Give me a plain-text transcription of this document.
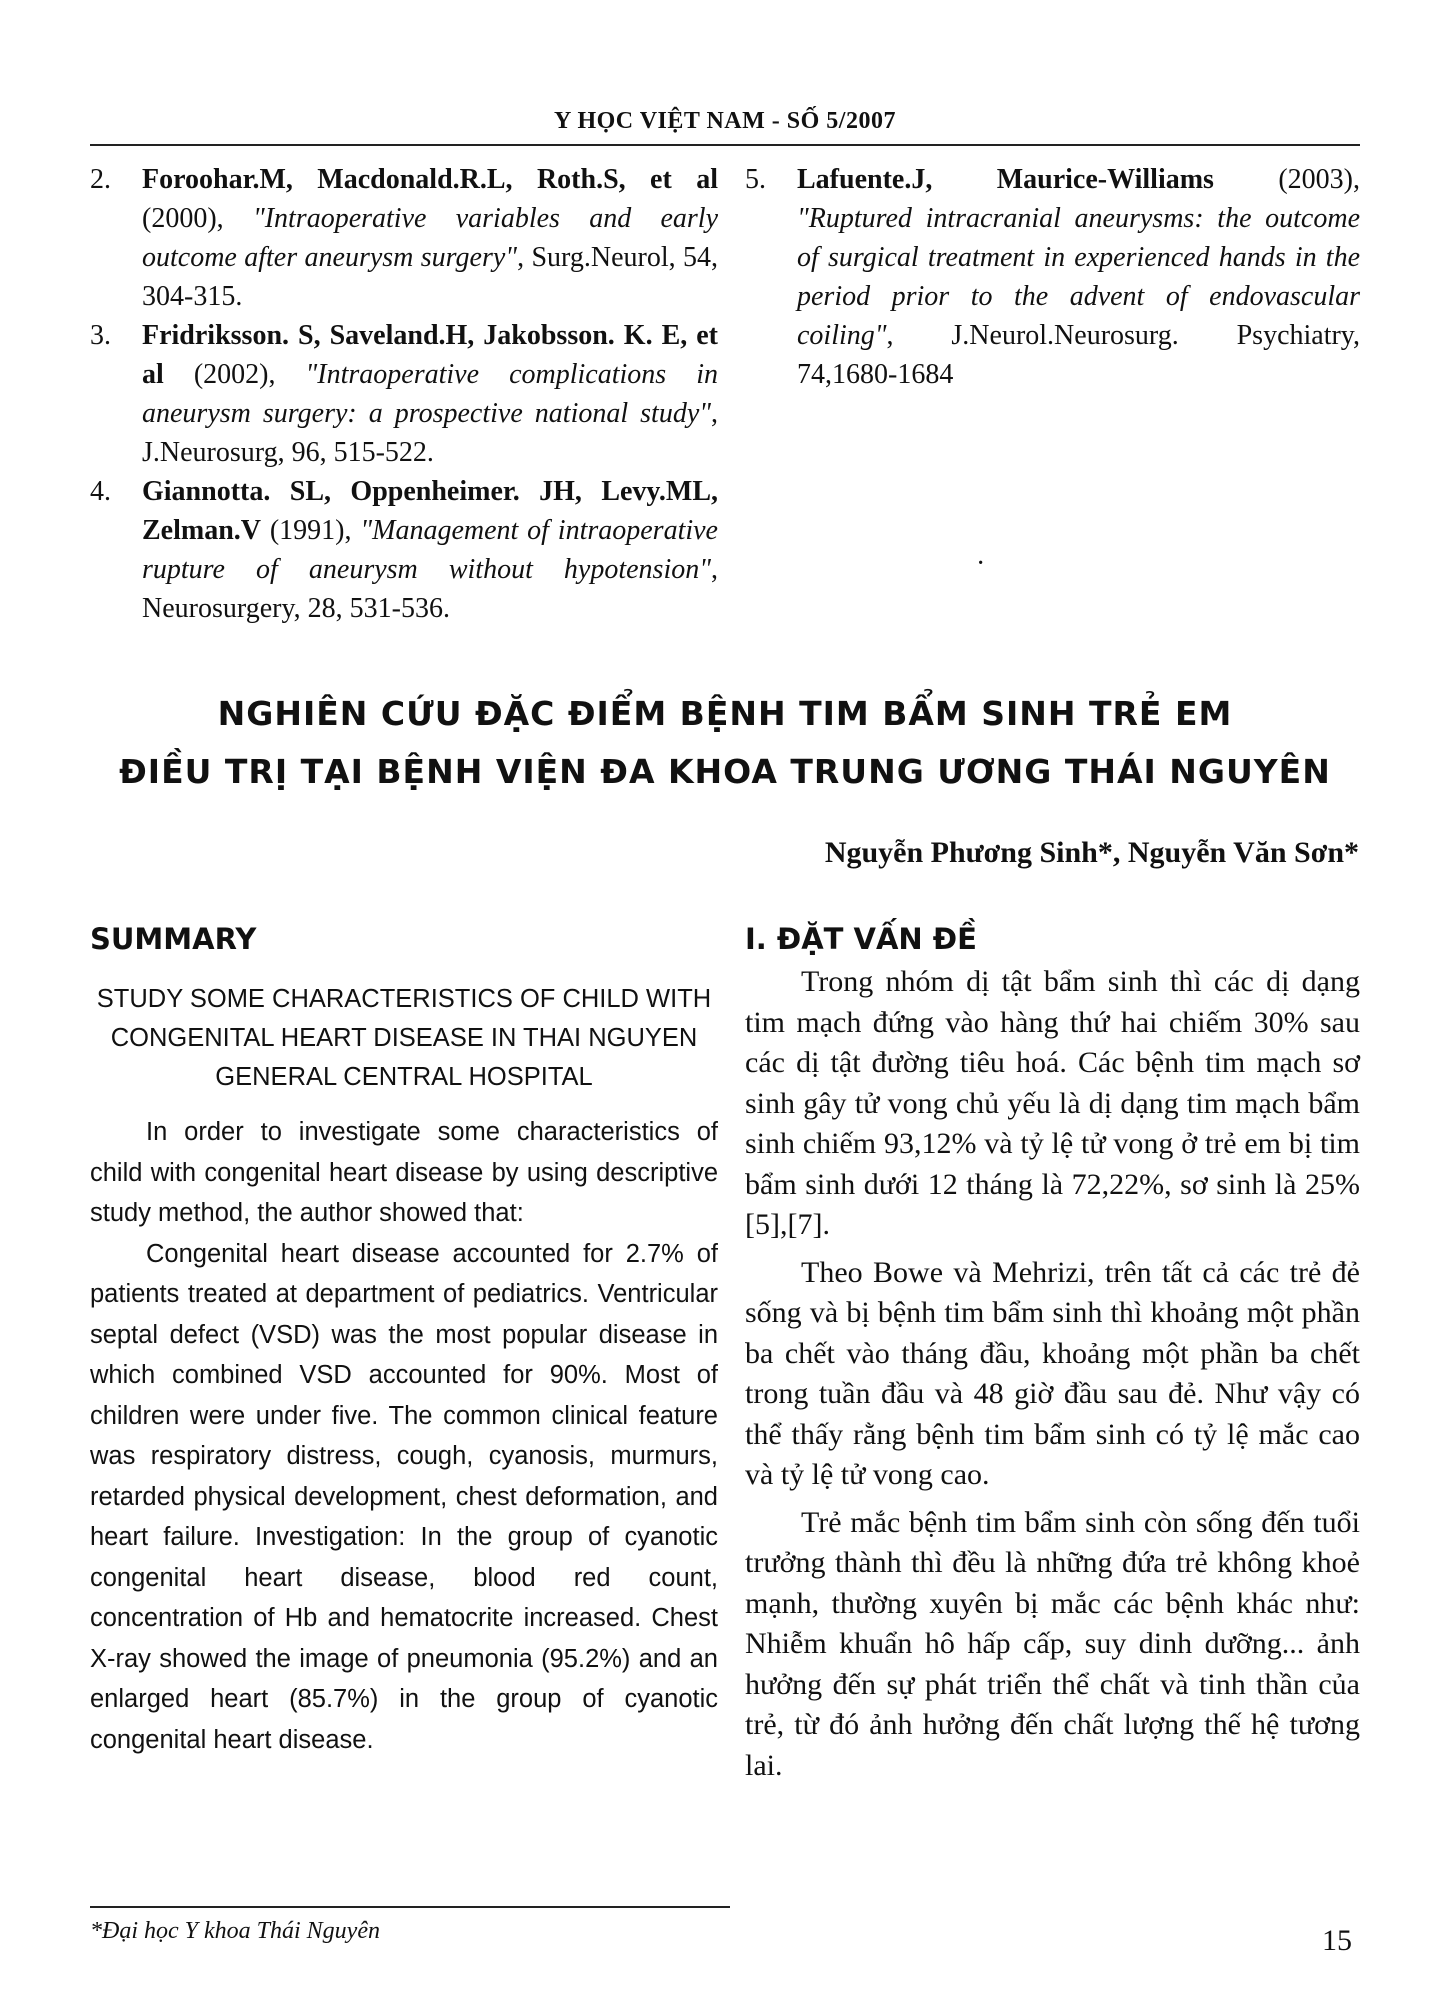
Y HỌC VIỆT NAM - SỐ 5/2007

2. Foroohar.M, Macdonald.R.L, Roth.S, et al (2000), "Intraoperative variables and early outcome after aneurysm surgery", Surg.Neurol, 54, 304-315.

3. Fridriksson. S, Saveland.H, Jakobsson. K. E, et al (2002), "Intraoperative complications in aneurysm surgery: a prospective national study", J.Neurosurg, 96, 515-522.

4. Giannotta. SL, Oppenheimer. JH, Levy.ML, Zelman.V (1991), "Management of intraoperative rupture of aneurysm without hypotension", Neurosurgery, 28, 531-536.

5. Lafuente.J, Maurice-Williams (2003), "Ruptured intracranial aneurysms: the outcome of surgical treatment in experienced hands in the period prior to the advent of endovascular coiling", J.Neurol.Neurosurg. Psychiatry, 74,1680-1684

·
NGHIÊN CỨU ĐẶC ĐIỂM BỆNH TIM BẨM SINH TRẺ EM
ĐIỀU TRỊ TẠI BỆNH VIỆN ĐA KHOA TRUNG ƯƠNG THÁI NGUYÊN
Nguyễn Phương Sinh*, Nguyễn Văn Sơn*
SUMMARY
STUDY SOME CHARACTERISTICS OF CHILD WITH
CONGENITAL HEART DISEASE IN THAI NGUYEN
GENERAL CENTRAL HOSPITAL

In order to investigate some characteristics of child with congenital heart disease by using descriptive study method, the author showed that:

Congenital heart disease accounted for 2.7% of patients treated at department of pediatrics. Ventricular septal defect (VSD) was the most popular disease in which combined VSD accounted for 90%. Most of children were under five. The common clinical feature was respiratory distress, cough, cyanosis, murmurs, retarded physical development, chest deformation, and heart failure. Investigation: In the group of cyanotic congenital heart disease, blood red count, concentration of Hb and hematocrite increased. Chest X-ray showed the image of pneumonia (95.2%) and an enlarged heart (85.7%) in the group of cyanotic congenital heart disease.

I. ĐẶT VẤN ĐỀ

Trong nhóm dị tật bẩm sinh thì các dị dạng tim mạch đứng vào hàng thứ hai chiếm 30% sau các dị tật đường tiêu hoá. Các bệnh tim mạch sơ sinh gây tử vong chủ yếu là dị dạng tim mạch bẩm sinh chiếm 93,12% và tỷ lệ tử vong ở trẻ em bị tim bẩm sinh dưới 12 tháng là 72,22%, sơ sinh là 25% [5],[7].

Theo Bowe và Mehrizi, trên tất cả các trẻ đẻ sống và bị bệnh tim bẩm sinh thì khoảng một phần ba chết vào tháng đầu, khoảng một phần ba chết trong tuần đầu và 48 giờ đầu sau đẻ. Như vậy có thể thấy rằng bệnh tim bẩm sinh có tỷ lệ mắc cao và tỷ lệ tử vong cao.

Trẻ mắc bệnh tim bẩm sinh còn sống đến tuổi trưởng thành thì đều là những đứa trẻ không khoẻ mạnh, thường xuyên bị mắc các bệnh khác như: Nhiễm khuẩn hô hấp cấp, suy dinh dưỡng... ảnh hưởng đến sự phát triển thể chất và tinh thần của trẻ, từ đó ảnh hưởng đến chất lượng thế hệ tương lai.

*Đại học Y khoa Thái Nguyên	15
